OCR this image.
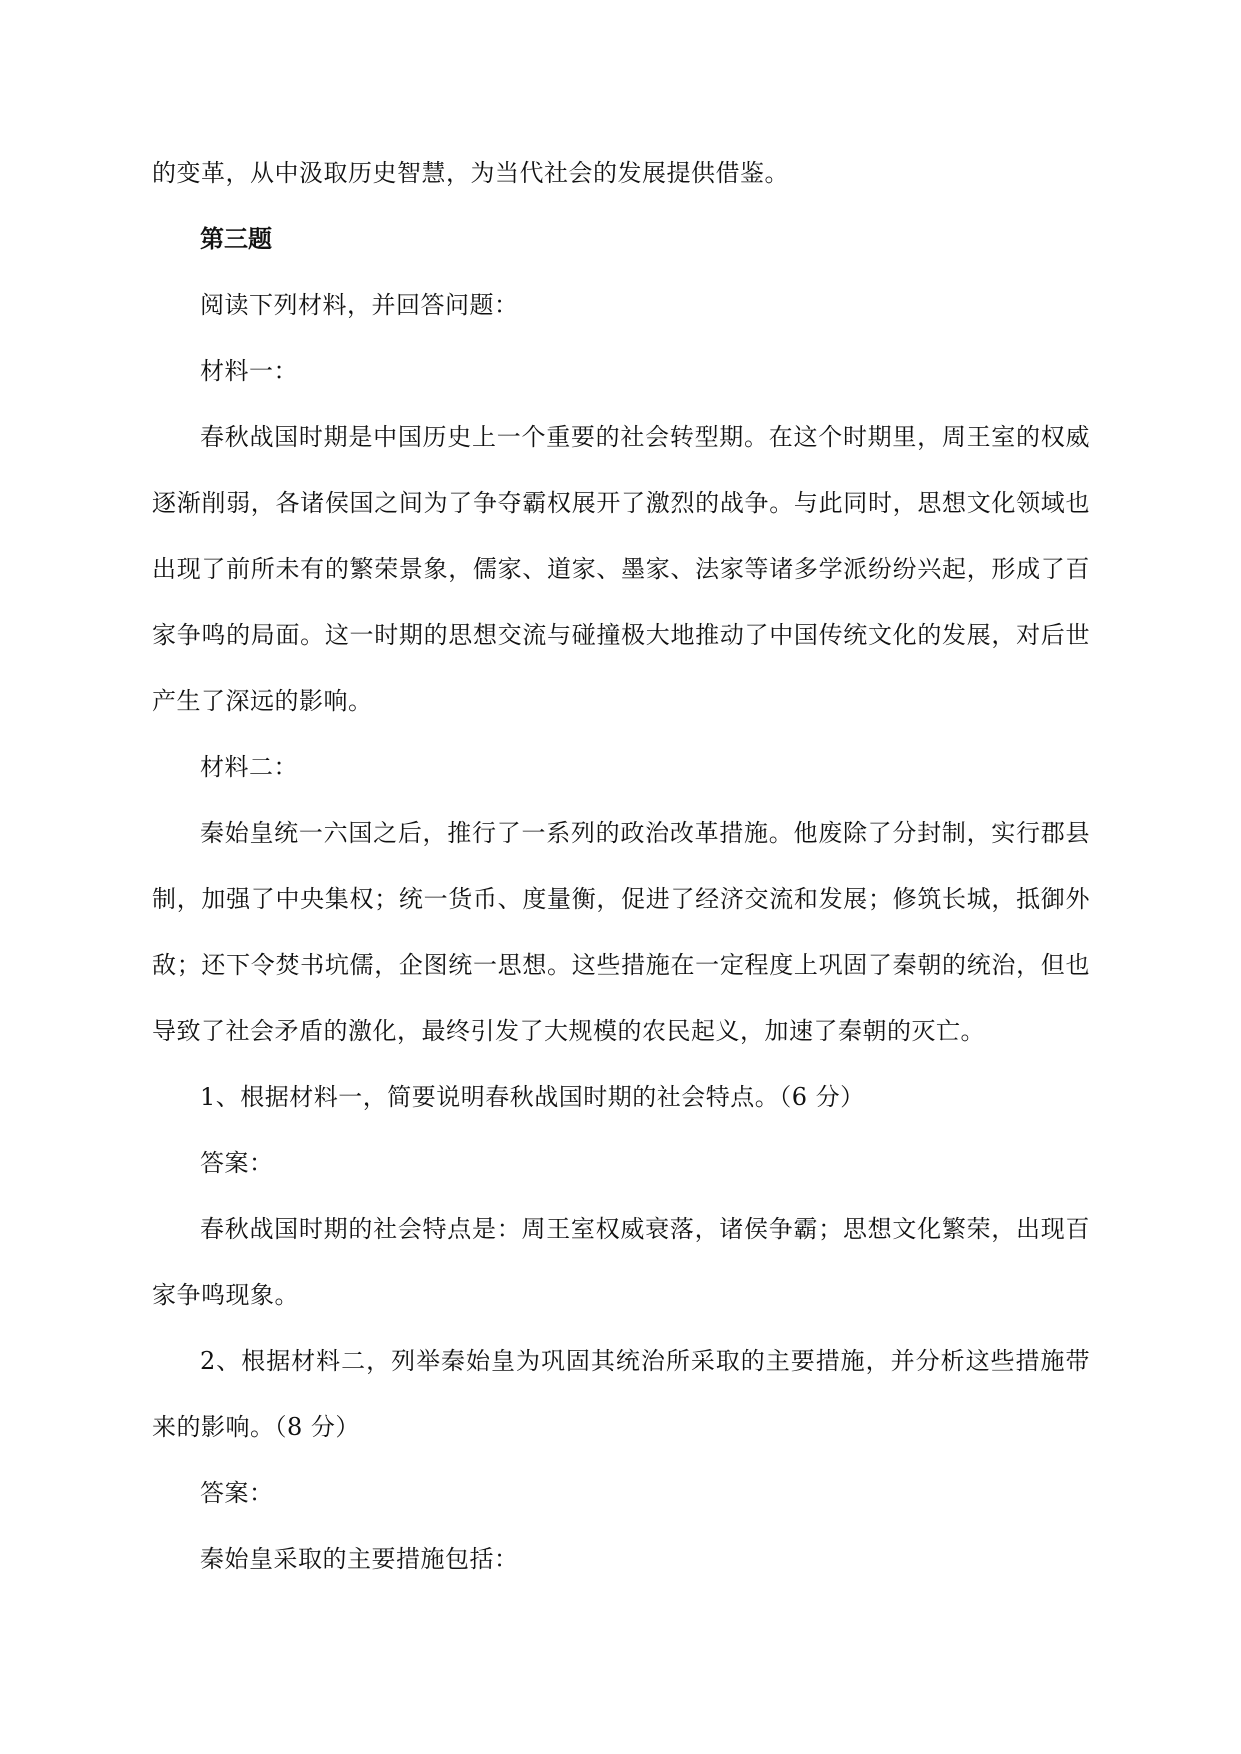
的变革，从中汲取历史智慧，为当代社会的发展提供借鉴。

第三题

阅读下列材料，并回答问题：

材料一：

春秋战国时期是中国历史上一个重要的社会转型期。在这个时期里，周王室的权威逐渐削弱，各诸侯国之间为了争夺霸权展开了激烈的战争。与此同时，思想文化领域也出现了前所未有的繁荣景象，儒家、道家、墨家、法家等诸多学派纷纷兴起，形成了百家争鸣的局面。这一时期的思想交流与碰撞极大地推动了中国传统文化的发展，对后世产生了深远的影响。

材料二：

秦始皇统一六国之后，推行了一系列的政治改革措施。他废除了分封制，实行郡县制，加强了中央集权；统一货币、度量衡，促进了经济交流和发展；修筑长城，抵御外敌；还下令焚书坑儒，企图统一思想。这些措施在一定程度上巩固了秦朝的统治，但也导致了社会矛盾的激化，最终引发了大规模的农民起义，加速了秦朝的灭亡。

1、根据材料一，简要说明春秋战国时期的社会特点。（6 分）

答案：

春秋战国时期的社会特点是：周王室权威衰落，诸侯争霸；思想文化繁荣，出现百家争鸣现象。

2、根据材料二，列举秦始皇为巩固其统治所采取的主要措施，并分析这些措施带来的影响。（8 分）

答案：

秦始皇采取的主要措施包括：
